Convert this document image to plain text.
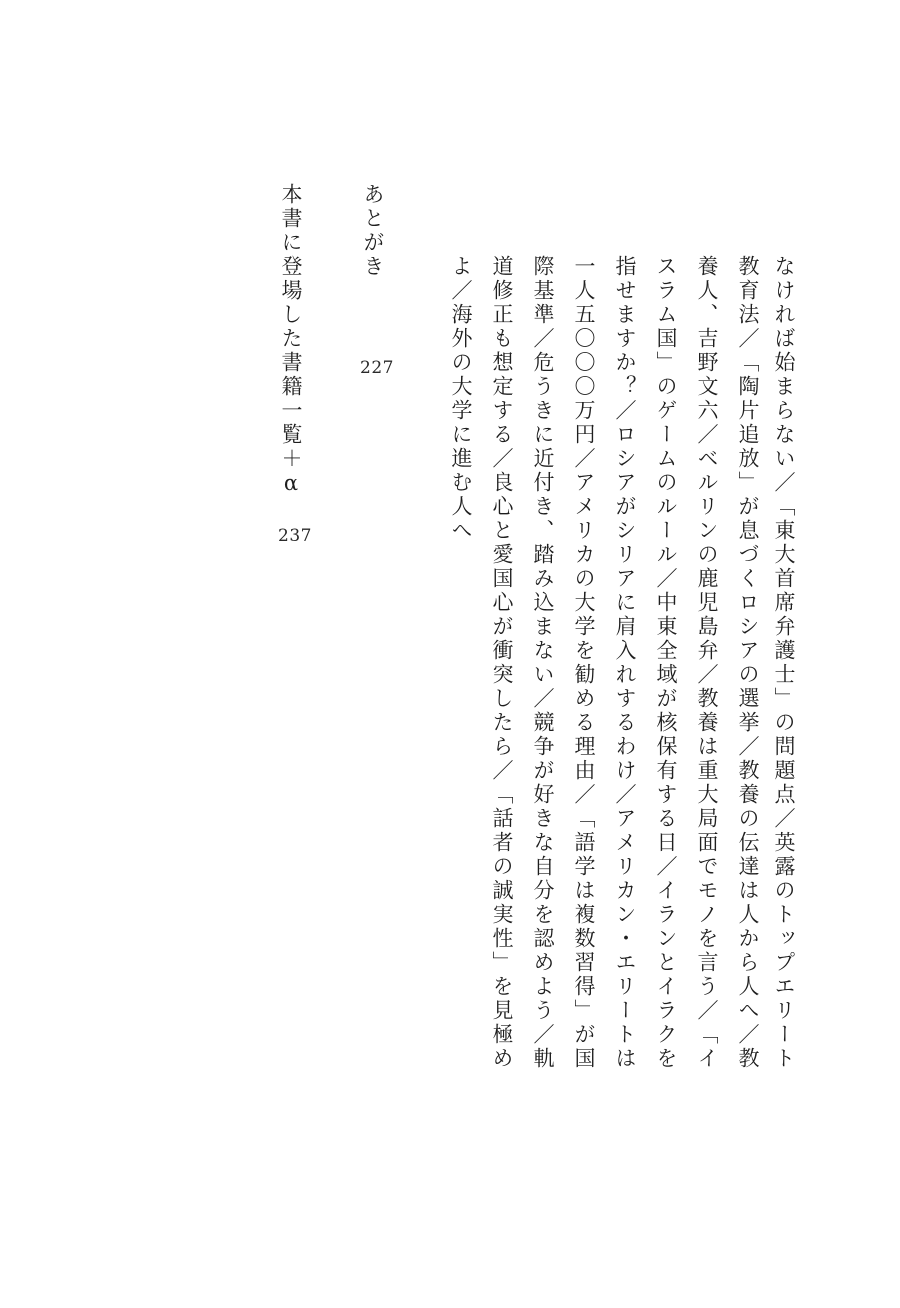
なければ始まらない／「東大首席弁護士」の問題点／英露のトップエリート
教育法／「陶片追放」が息づくロシアの選挙／教養の伝達は人から人へ／教
養人、吉野文六／ベルリンの鹿児島弁／教養は重大局面でモノを言う／「イ
スラム国」のゲームのルール／中東全域が核保有する日／イランとイラクを
指せますか？／ロシアがシリアに肩入れするわけ／アメリカン・エリートは
一人五〇〇〇万円／アメリカの大学を勧める理由／「語学は複数習得」が国
際基準／危うきに近付き、踏み込まない／競争が好きな自分を認めよう／軌
道修正も想定する／良心と愛国心が衝突したら／「話者の誠実性」を見極め
よ／海外の大学に進む人へ
あとがき
227
本書に登場した書籍一覧＋α
237
